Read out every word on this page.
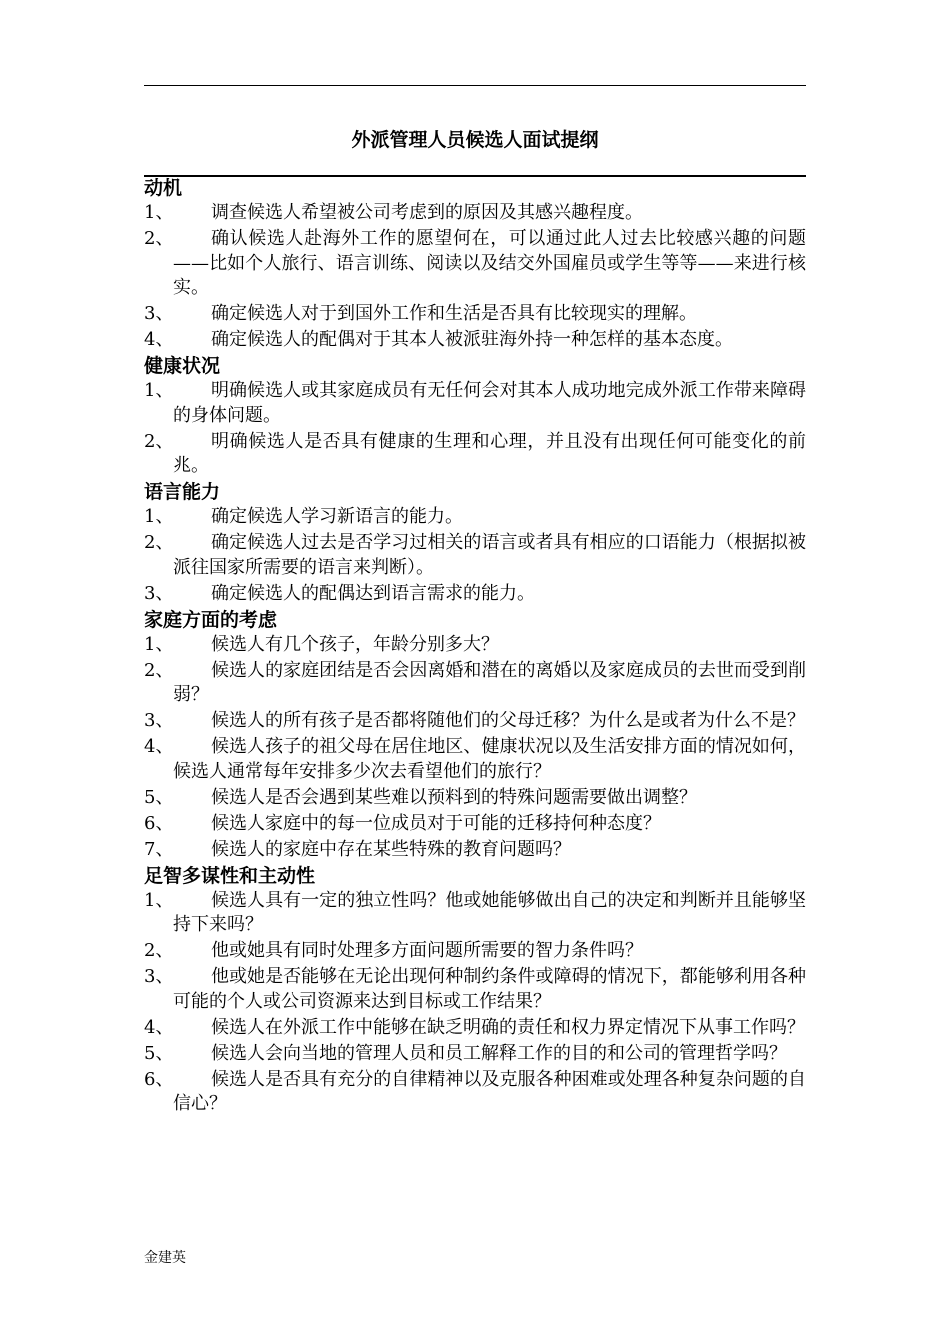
外派管理人员候选人面试提纲
动机
1、	调查候选人希望被公司考虑到的原因及其感兴趣程度。
2、	确认候选人赴海外工作的愿望何在，可以通过此人过去比较感兴趣的问题——比如个人旅行、语言训练、阅读以及结交外国雇员或学生等等——来进行核实。
3、	确定候选人对于到国外工作和生活是否具有比较现实的理解。
4、	确定候选人的配偶对于其本人被派驻海外持一种怎样的基本态度。
健康状况
1、	明确候选人或其家庭成员有无任何会对其本人成功地完成外派工作带来障碍的身体问题。
2、	明确候选人是否具有健康的生理和心理，并且没有出现任何可能变化的前兆。
语言能力
1、	确定候选人学习新语言的能力。
2、	确定候选人过去是否学习过相关的语言或者具有相应的口语能力（根据拟被派往国家所需要的语言来判断）。
3、	确定候选人的配偶达到语言需求的能力。
家庭方面的考虑
1、	候选人有几个孩子，年龄分别多大？
2、	候选人的家庭团结是否会因离婚和潜在的离婚以及家庭成员的去世而受到削弱？
3、	候选人的所有孩子是否都将随他们的父母迁移？为什么是或者为什么不是？
4、	候选人孩子的祖父母在居住地区、健康状况以及生活安排方面的情况如何，候选人通常每年安排多少次去看望他们的旅行？
5、	候选人是否会遇到某些难以预料到的特殊问题需要做出调整？
6、	候选人家庭中的每一位成员对于可能的迁移持何种态度？
7、	候选人的家庭中存在某些特殊的教育问题吗？
足智多谋性和主动性
1、	候选人具有一定的独立性吗？他或她能够做出自己的决定和判断并且能够坚持下来吗？
2、	他或她具有同时处理多方面问题所需要的智力条件吗？
3、	他或她是否能够在无论出现何种制约条件或障碍的情况下，都能够利用各种可能的个人或公司资源来达到目标或工作结果？
4、	候选人在外派工作中能够在缺乏明确的责任和权力界定情况下从事工作吗？
5、	候选人会向当地的管理人员和员工解释工作的目的和公司的管理哲学吗？
6、	候选人是否具有充分的自律精神以及克服各种困难或处理各种复杂问题的自信心？
金建英
